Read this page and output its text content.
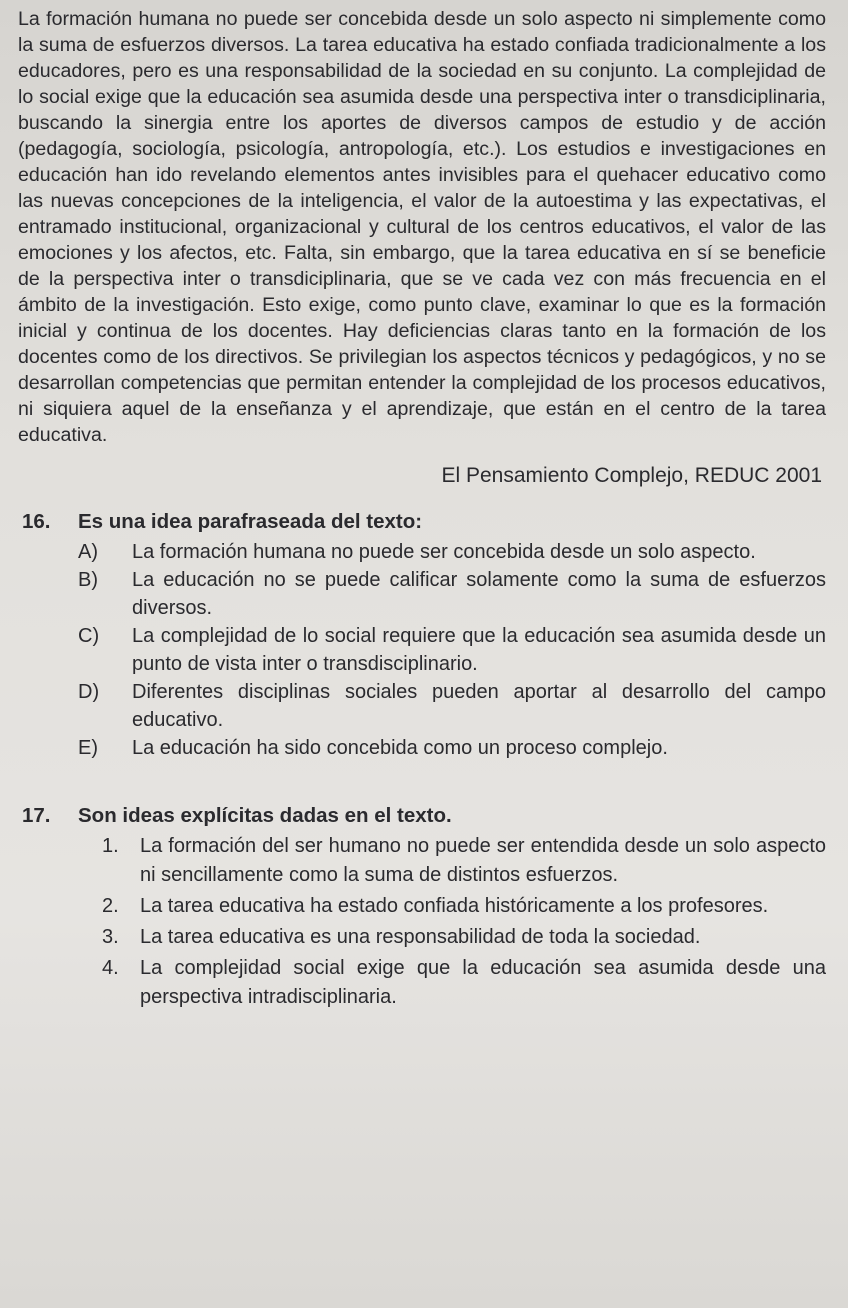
La formación humana no puede ser concebida desde un solo aspecto ni simplemente como la suma de esfuerzos diversos. La tarea educativa ha estado confiada tradicionalmente a los educadores, pero es una responsabilidad de la sociedad en su conjunto. La complejidad de lo social exige que la educación sea asumida desde una perspectiva inter o transdiciplinaria, buscando la sinergia entre los aportes de diversos campos de estudio y de acción (pedagogía, sociología, psicología, antropología, etc.). Los estudios e investigaciones en educación han ido revelando elementos antes invisibles para el quehacer educativo como las nuevas concepciones de la inteligencia, el valor de la autoestima y las expectativas, el entramado institucional, organizacional y cultural de los centros educativos, el valor de las emociones y los afectos, etc. Falta, sin embargo, que la tarea educativa en sí se beneficie de la perspectiva inter o transdiciplinaria, que se ve cada vez con más frecuencia en el ámbito de la investigación. Esto exige, como punto clave, examinar lo que es la formación inicial y continua de los docentes. Hay deficiencias claras tanto en la formación de los docentes como de los directivos. Se privilegian los aspectos técnicos y pedagógicos, y no se desarrollan competencias que permitan entender la complejidad de los procesos educativos, ni siquiera aquel de la enseñanza y el aprendizaje, que están en el centro de la tarea educativa.

El Pensamiento Complejo, REDUC 2001
16.	Es una idea parafraseada del texto:
A)	La formación humana no puede ser concebida desde un solo aspecto.
B)	La educación no se puede calificar solamente como la suma de esfuerzos diversos.
C)	La complejidad de lo social requiere que la educación sea asumida desde un punto de vista inter o transdisciplinario.
D)	Diferentes disciplinas sociales pueden aportar al desarrollo del campo educativo.
E)	La educación ha sido concebida como un proceso complejo.
17.	Son ideas explícitas dadas en el texto.
1.	La formación del ser humano no puede ser entendida desde un solo aspecto ni sencillamente como la suma de distintos esfuerzos.
2.	La tarea educativa ha estado confiada históricamente a los profesores.
3.	La tarea educativa es una responsabilidad de toda la sociedad.
4.	La complejidad social exige que la educación sea asumida desde una perspectiva intradisciplinaria.
